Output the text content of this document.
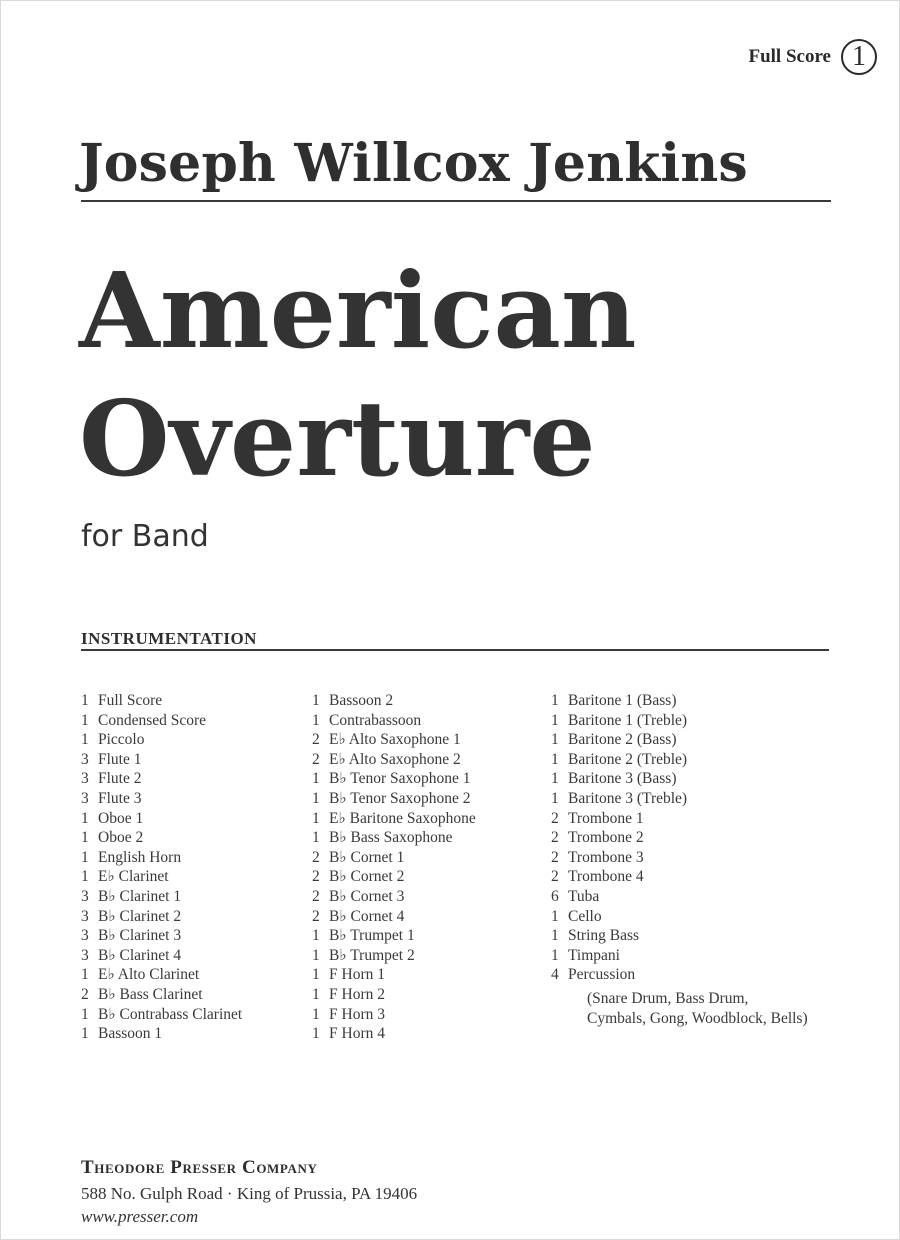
Full Score 1
Joseph Willcox Jenkins
American
Overture
for Band
INSTRUMENTATION
1 Full Score
1 Condensed Score
1 Piccolo
3 Flute 1
3 Flute 2
3 Flute 3
1 Oboe 1
1 Oboe 2
1 English Horn
1 E♭ Clarinet
3 B♭ Clarinet 1
3 B♭ Clarinet 2
3 B♭ Clarinet 3
3 B♭ Clarinet 4
1 E♭ Alto Clarinet
2 B♭ Bass Clarinet
1 B♭ Contrabass Clarinet
1 Bassoon 1
1 Bassoon 2
1 Contrabassoon
2 E♭ Alto Saxophone 1
2 E♭ Alto Saxophone 2
1 B♭ Tenor Saxophone 1
1 B♭ Tenor Saxophone 2
1 E♭ Baritone Saxophone
1 B♭ Bass Saxophone
2 B♭ Cornet 1
2 B♭ Cornet 2
2 B♭ Cornet 3
2 B♭ Cornet 4
1 B♭ Trumpet 1
1 B♭ Trumpet 2
1 F Horn 1
1 F Horn 2
1 F Horn 3
1 F Horn 4
1 Baritone 1 (Bass)
1 Baritone 1 (Treble)
1 Baritone 2 (Bass)
1 Baritone 2 (Treble)
1 Baritone 3 (Bass)
1 Baritone 3 (Treble)
2 Trombone 1
2 Trombone 2
2 Trombone 3
2 Trombone 4
6 Tuba
1 Cello
1 String Bass
1 Timpani
4 Percussion
(Snare Drum, Bass Drum,
Cymbals, Gong, Woodblock, Bells)
Theodore Presser Company
588 No. Gulph Road · King of Prussia, PA 19406
www.presser.com
